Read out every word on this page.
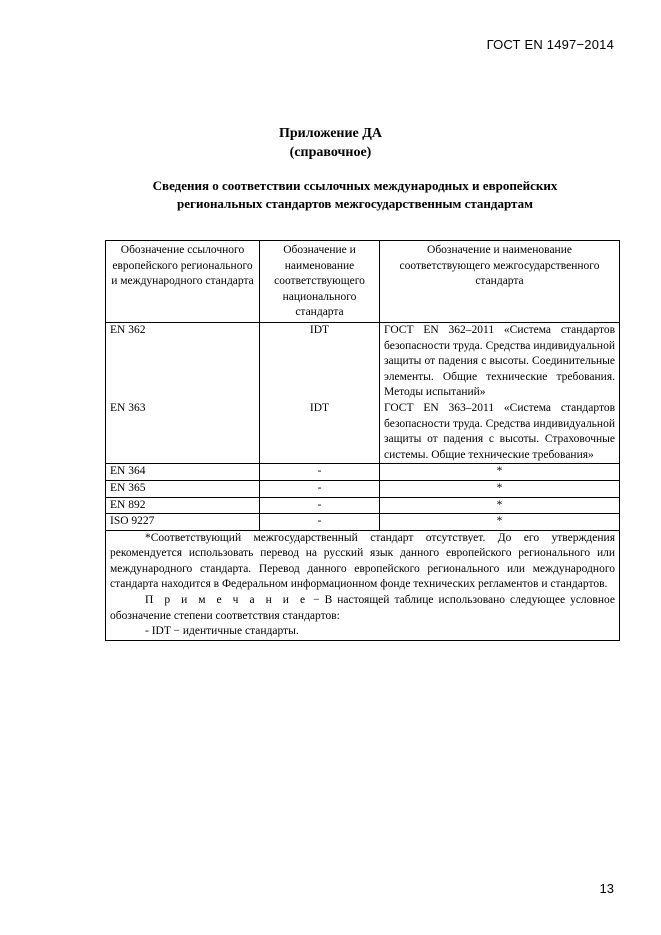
ГОСТ EN 1497−2014
Приложение ДА
(справочное)
Сведения о соответствии ссылочных международных и европейских
региональных стандартов межгосударственным стандартам
Обозначение ссылочного европейского регионального и международного стандарта	Обозначение и наименование соответствующего национального стандарта	Обозначение и наименование соответствующего межгосударственного стандарта
EN 362	IDT	ГОСТ EN 362–2011 «Система стандартов безопасности труда. Средства индивидуальной защиты от падения с высоты. Соединительные элементы. Общие технические требования. Методы испытаний»
EN 363	IDT	ГОСТ EN 363–2011 «Система стандартов безопасности труда. Средства индивидуальной защиты от падения с высоты. Страховочные системы. Общие технические требования»
EN 364	-	*
EN 365	-	*
EN 892	-	*
ISO 9227	-	*

*Соответствующий межгосударственный стандарт отсутствует. До его утверждения рекомендуется использовать перевод на русский язык данного европейского регионального или международного стандарта. Перевод данного европейского регионального или международного стандарта находится в Федеральном информационном фонде технических регламентов и стандартов.

П р и м е ч а н и е − В настоящей таблице использовано следующее условное обозначение степени соответствия стандартов:

- IDT − идентичные стандарты.		

13
